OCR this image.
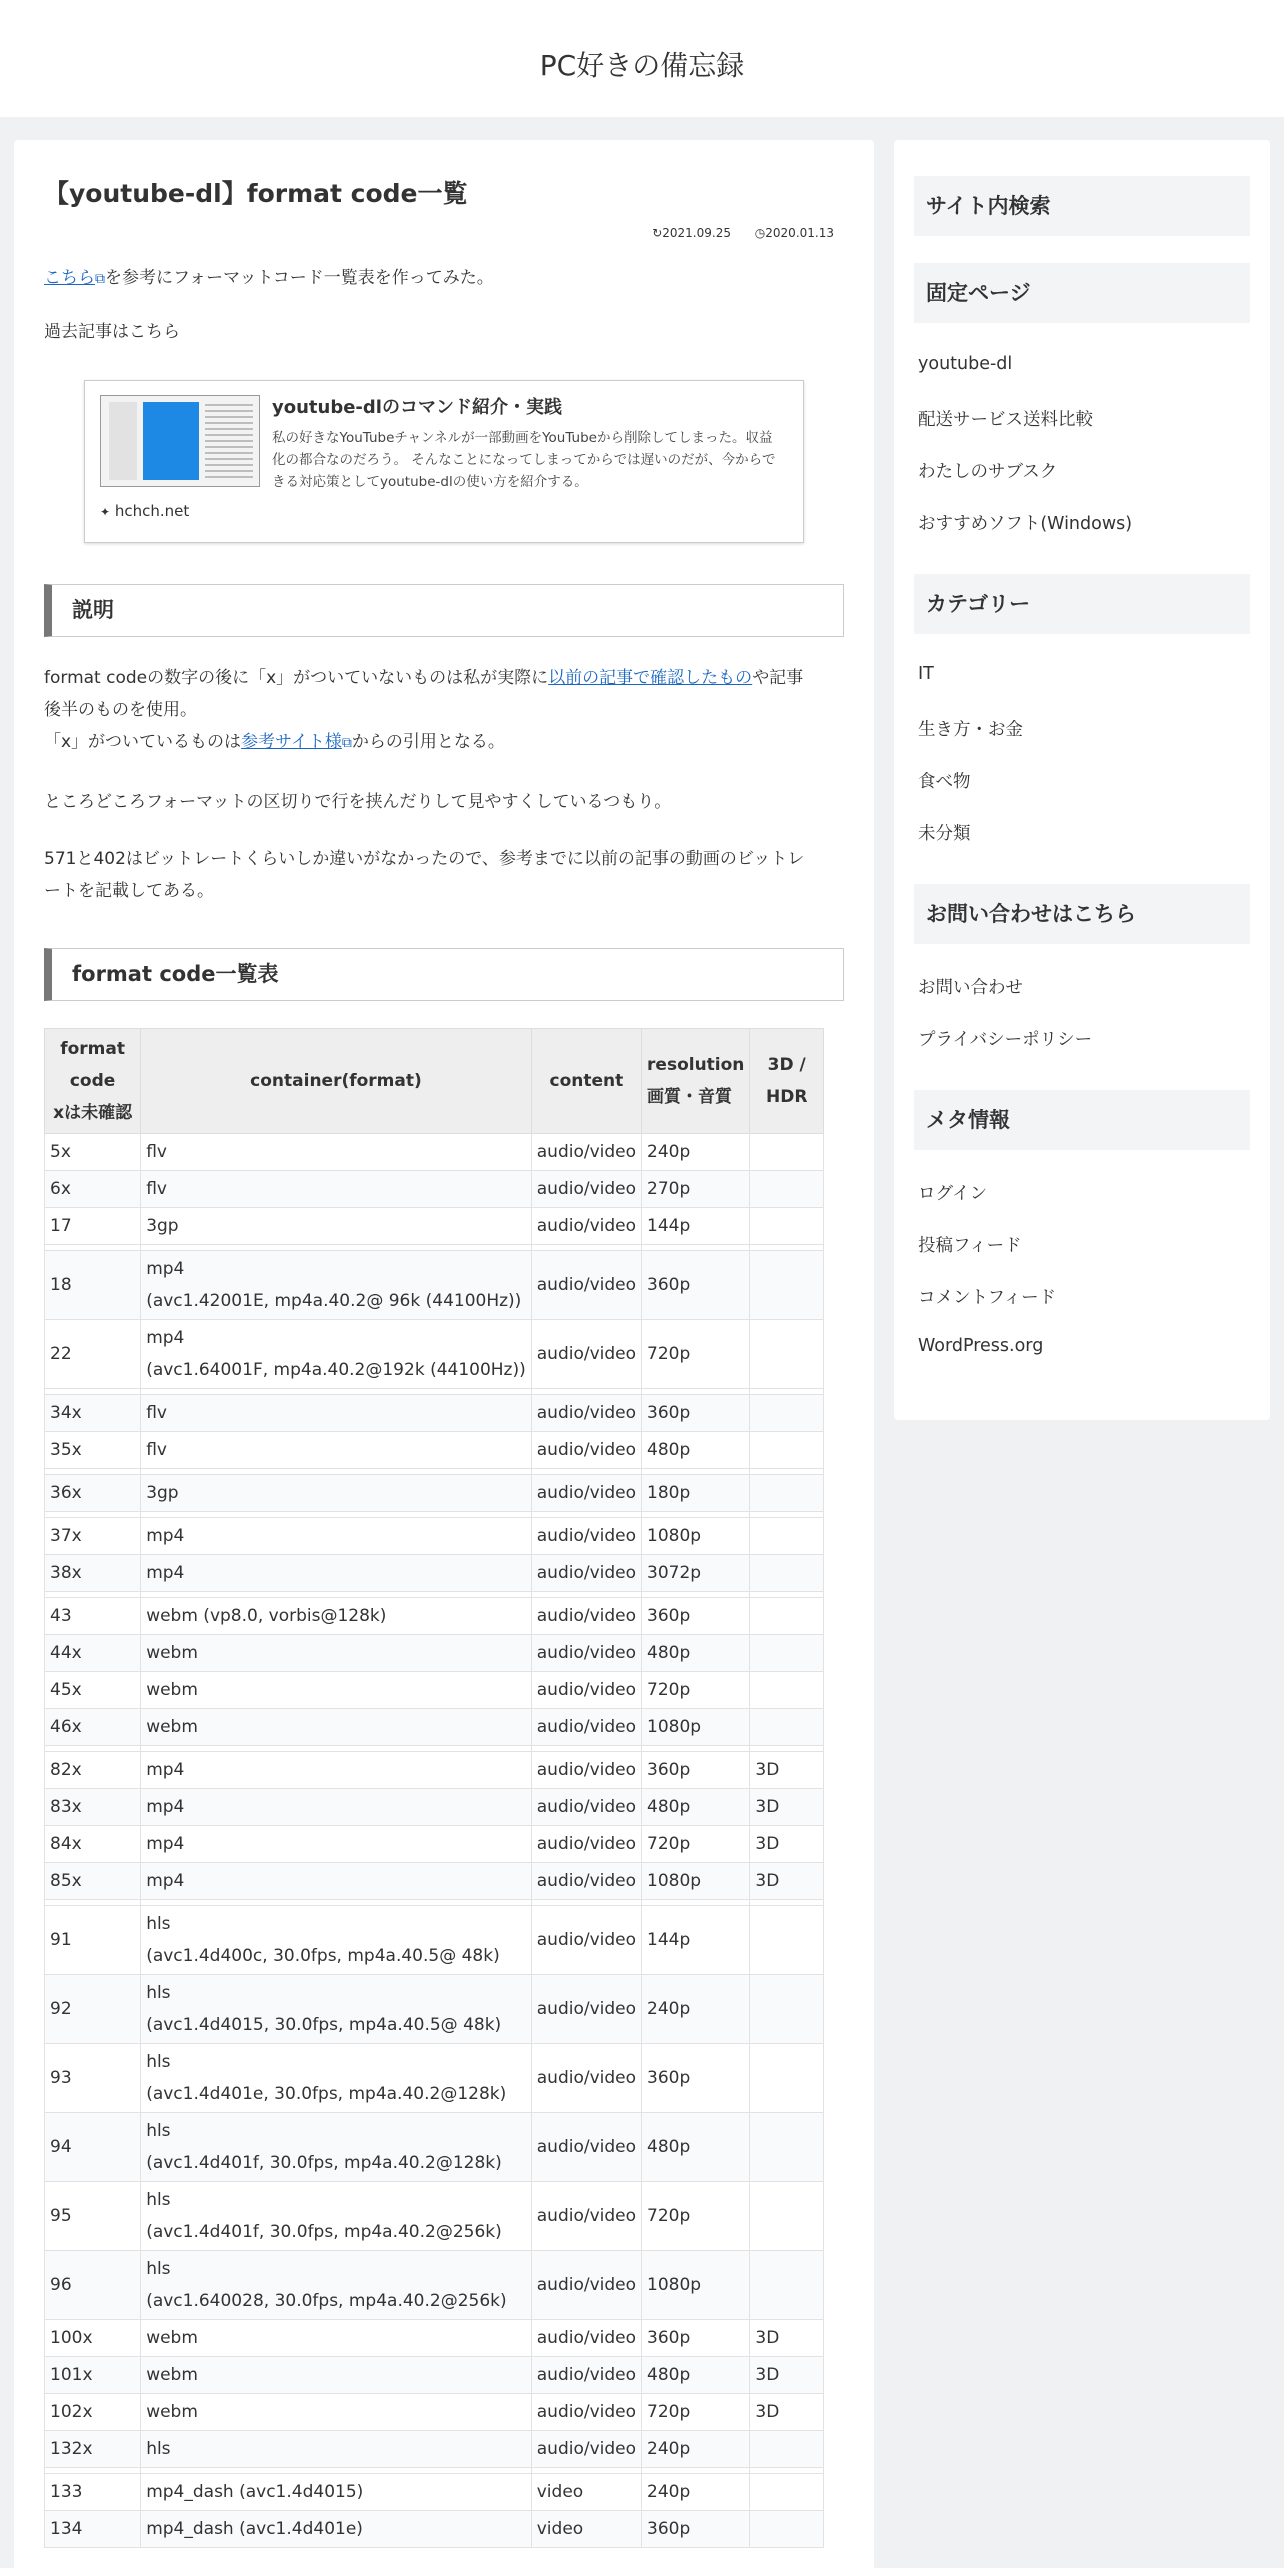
PC好きの備忘録
【youtube-dl】format code一覧
↻2021.09.25 ◷2020.01.13

こちら⧉を参考にフォーマットコード一覧表を作ってみた。

過去記事はこちら

youtube-dlのコマンド紹介・実践
私の好きなYouTubeチャンネルが一部動画をYouTubeから削除してしまった。収益化の都合なのだろう。 そんなことになってしまってからでは遅いのだが、今からできる対応策としてyoutube-dlの使い方を紹介する。
✦ hchch.net
説明

format codeの数字の後に「x」がついていないものは私が実際に以前の記事で確認したものや記事
後半のものを使用。
「x」がついているものは参考サイト様⧉からの引用となる。

ところどころフォーマットの区切りで行を挟んだりして見やすくしているつもり。

571と402はビットレートくらいしか違いがなかったので、参考までに以前の記事の動画のビットレ
ートを記載してある。

format code一覧表
format code
xは未確認	container(format)	content	resolution
画質・音質	3D / HDR
5x	flv	audio/video	240p	
6x	flv	audio/video	270p	
17	3gp	audio/video	144p	

18	mp4
(avc1.42001E, mp4a.40.2@ 96k (44100Hz))	audio/video	360p	
22	mp4
(avc1.64001F, mp4a.40.2@192k (44100Hz))	audio/video	720p	

34x	flv	audio/video	360p	
35x	flv	audio/video	480p	

36x	3gp	audio/video	180p	

37x	mp4	audio/video	1080p	
38x	mp4	audio/video	3072p	

43	webm (vp8.0, vorbis@128k)	audio/video	360p	
44x	webm	audio/video	480p	
45x	webm	audio/video	720p	
46x	webm	audio/video	1080p	

82x	mp4	audio/video	360p	3D
83x	mp4	audio/video	480p	3D
84x	mp4	audio/video	720p	3D
85x	mp4	audio/video	1080p	3D

91	hls
(avc1.4d400c, 30.0fps, mp4a.40.5@ 48k)	audio/video	144p	
92	hls
(avc1.4d4015, 30.0fps, mp4a.40.5@ 48k)	audio/video	240p	
93	hls
(avc1.4d401e, 30.0fps, mp4a.40.2@128k)	audio/video	360p	
94	hls
(avc1.4d401f, 30.0fps, mp4a.40.2@128k)	audio/video	480p	
95	hls
(avc1.4d401f, 30.0fps, mp4a.40.2@256k)	audio/video	720p	
96	hls
(avc1.640028, 30.0fps, mp4a.40.2@256k)	audio/video	1080p	
100x	webm	audio/video	360p	3D
101x	webm	audio/video	480p	3D
102x	webm	audio/video	720p	3D
132x	hls	audio/video	240p	

133	mp4_dash (avc1.4d4015)	video	240p	
134	mp4_dash (avc1.4d401e)	video	360p	
サイト内検索
固定ページ
youtube-dl
配送サービス送料比較
わたしのサブスク
おすすめソフト(Windows)
カテゴリー
IT
生き方・お金
食べ物
未分類
お問い合わせはこちら
お問い合わせ
プライバシーポリシー
メタ情報
ログイン
投稿フィード
コメントフィード
WordPress.org
